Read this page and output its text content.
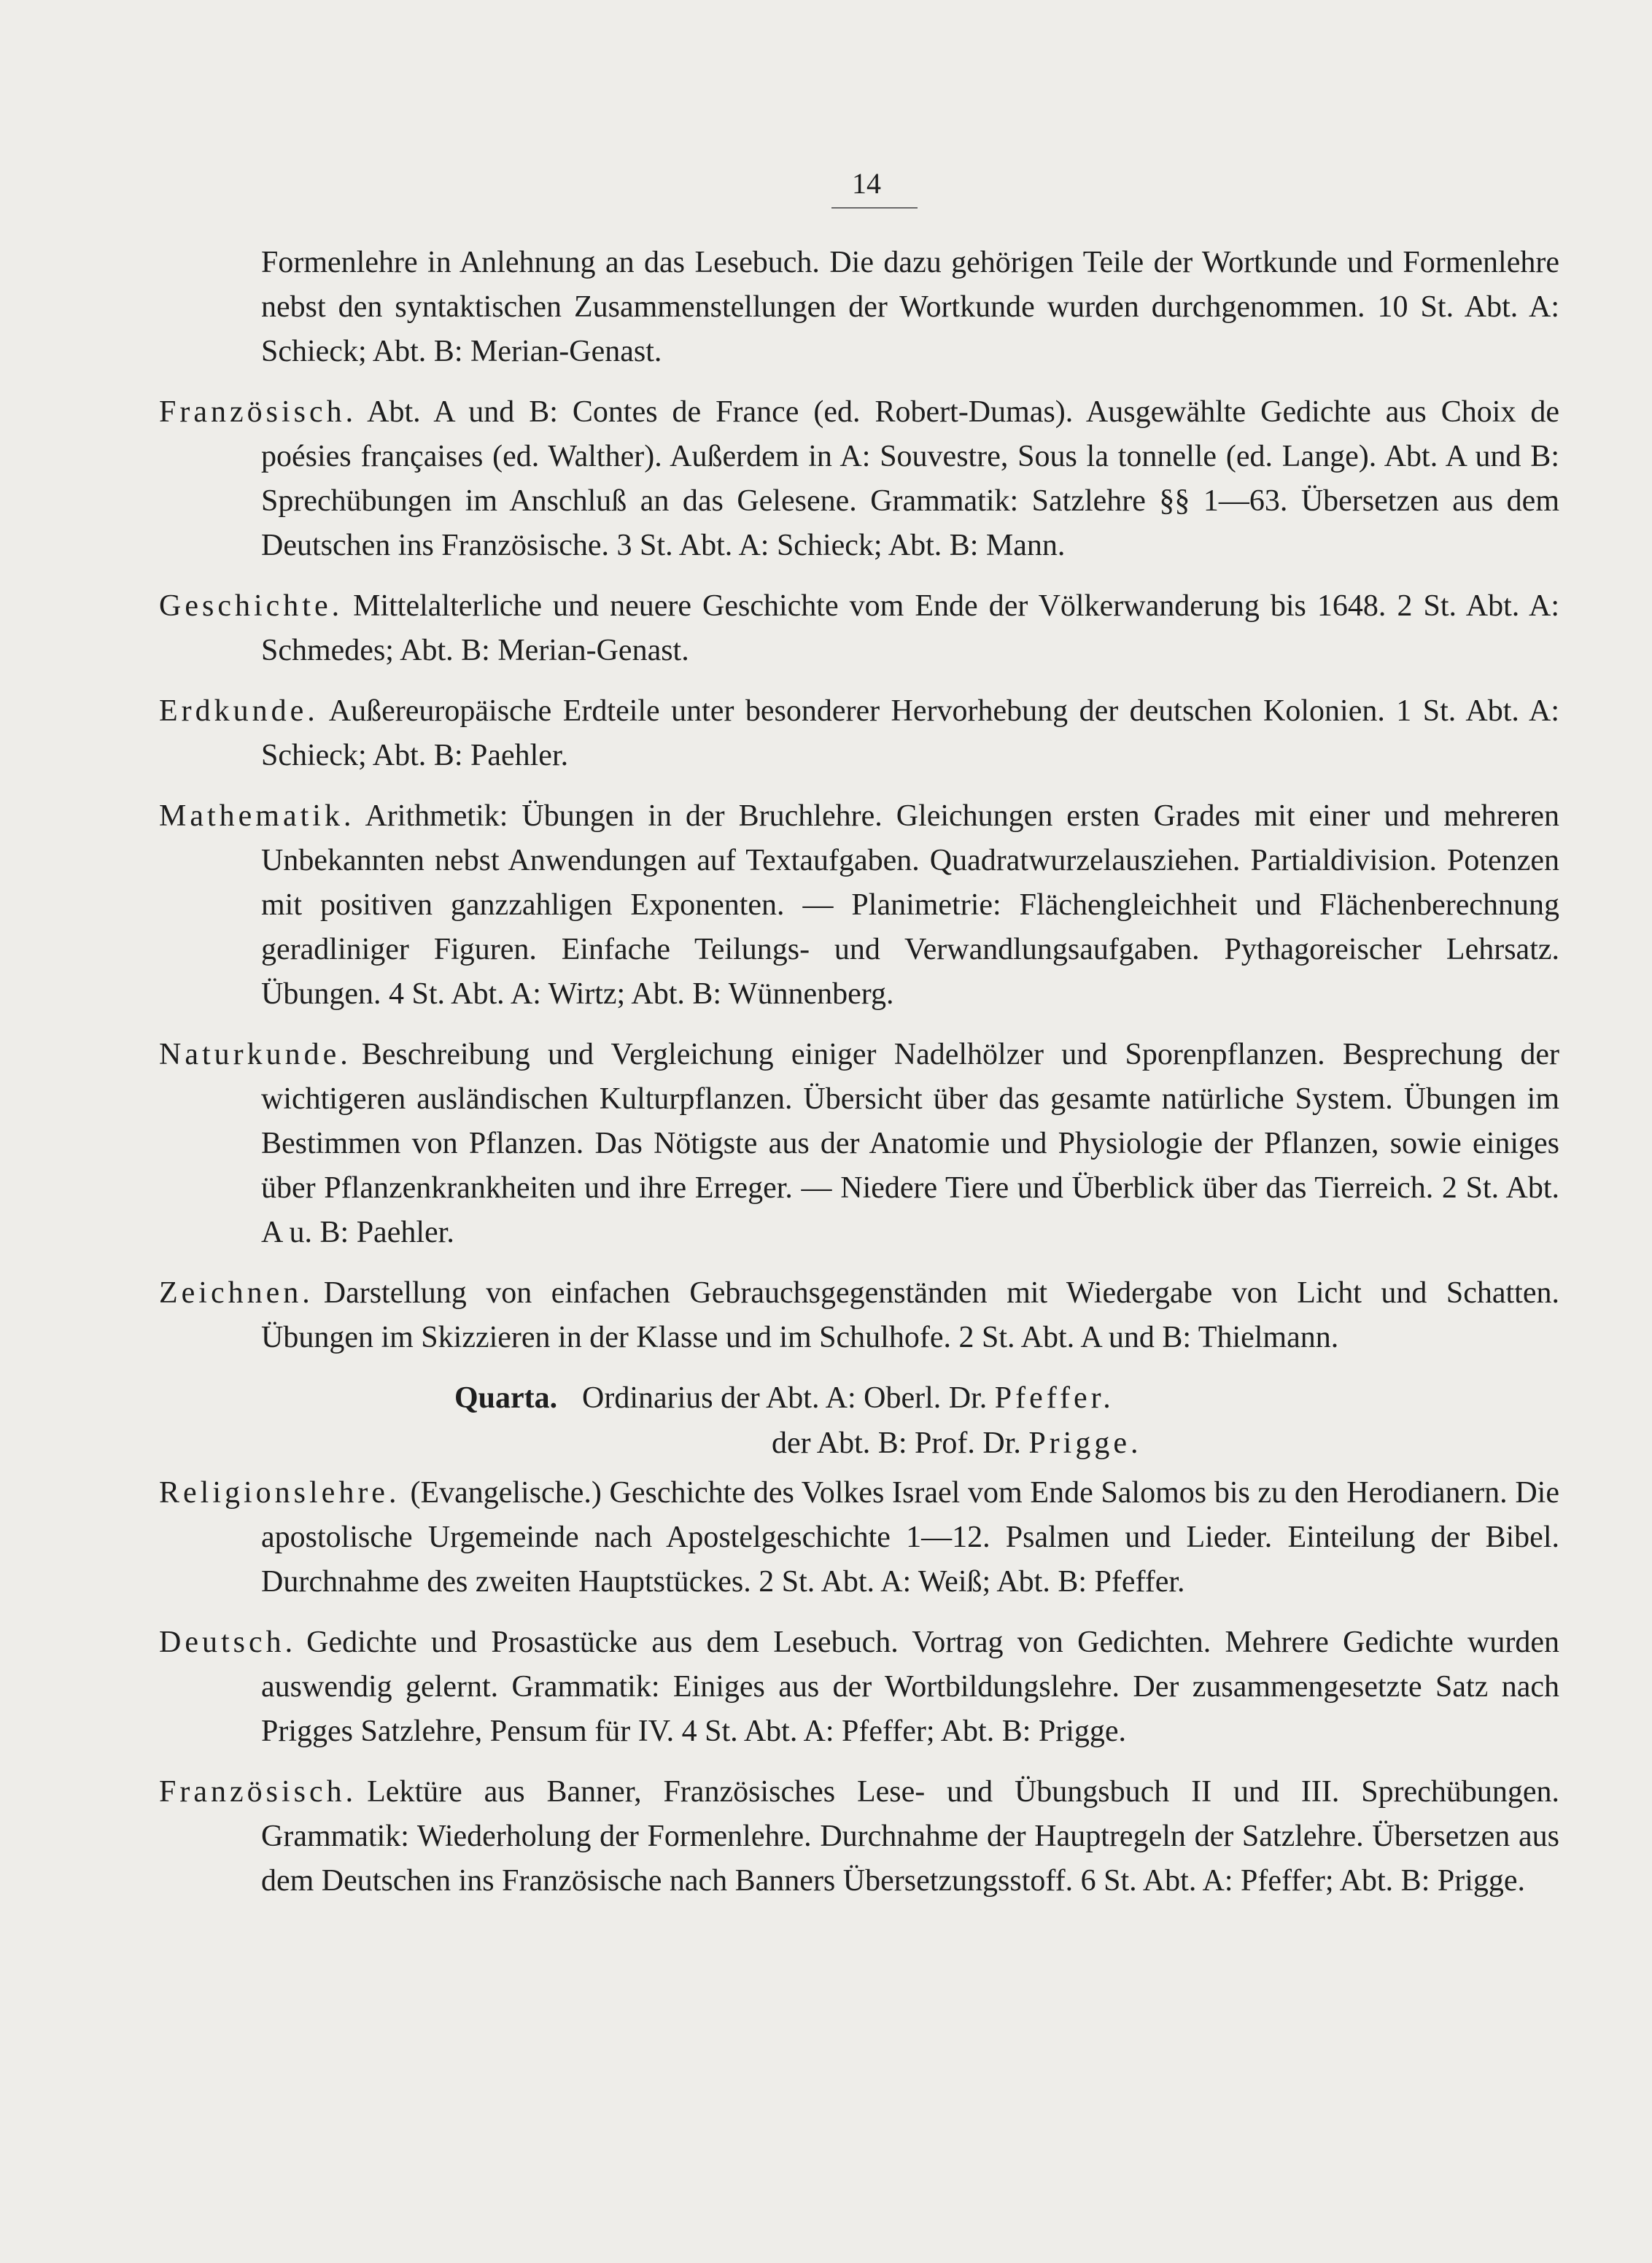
14

Formenlehre in Anlehnung an das Lesebuch. Die dazu gehörigen Teile der Wortkunde und Formenlehre nebst den syntaktischen Zusammenstellungen der Wortkunde wurden durchgenommen. 10 St. Abt. A: Schieck; Abt. B: Merian-Genast.

Französisch. Abt. A und B: Contes de France (ed. Robert-Dumas). Ausgewählte Gedichte aus Choix de poésies françaises (ed. Walther). Außerdem in A: Souvestre, Sous la tonnelle (ed. Lange). Abt. A und B: Sprechübungen im Anschluß an das Gelesene. Grammatik: Satzlehre §§ 1—63. Übersetzen aus dem Deutschen ins Französische. 3 St. Abt. A: Schieck; Abt. B: Mann.

Geschichte. Mittelalterliche und neuere Geschichte vom Ende der Völkerwanderung bis 1648. 2 St. Abt. A: Schmedes; Abt. B: Merian-Genast.

Erdkunde. Außereuropäische Erdteile unter besonderer Hervorhebung der deutschen Kolonien. 1 St. Abt. A: Schieck; Abt. B: Paehler.

Mathematik. Arithmetik: Übungen in der Bruchlehre. Gleichungen ersten Grades mit einer und mehreren Unbekannten nebst Anwendungen auf Textaufgaben. Quadratwurzelausziehen. Partialdivision. Potenzen mit positiven ganzzahligen Exponenten. — Planimetrie: Flächengleichheit und Flächenberechnung geradliniger Figuren. Einfache Teilungs- und Verwandlungsaufgaben. Pythagoreischer Lehrsatz. Übungen. 4 St. Abt. A: Wirtz; Abt. B: Wünnenberg.

Naturkunde. Beschreibung und Vergleichung einiger Nadelhölzer und Sporenpflanzen. Besprechung der wichtigeren ausländischen Kulturpflanzen. Übersicht über das gesamte natürliche System. Übungen im Bestimmen von Pflanzen. Das Nötigste aus der Anatomie und Physiologie der Pflanzen, sowie einiges über Pflanzenkrankheiten und ihre Erreger. — Niedere Tiere und Überblick über das Tierreich. 2 St. Abt. A u. B: Paehler.

Zeichnen. Darstellung von einfachen Gebrauchsgegenständen mit Wiedergabe von Licht und Schatten. Übungen im Skizzieren in der Klasse und im Schulhofe. 2 St. Abt. A und B: Thielmann.

Quarta. Ordinarius der Abt. A: Oberl. Dr. Pfeffer.
der Abt. B: Prof. Dr. Prigge.

Religionslehre. (Evangelische.) Geschichte des Volkes Israel vom Ende Salomos bis zu den Herodianern. Die apostolische Urgemeinde nach Apostelgeschichte 1—12. Psalmen und Lieder. Einteilung der Bibel. Durchnahme des zweiten Hauptstückes. 2 St. Abt. A: Weiß; Abt. B: Pfeffer.

Deutsch. Gedichte und Prosastücke aus dem Lesebuch. Vortrag von Gedichten. Mehrere Gedichte wurden auswendig gelernt. Grammatik: Einiges aus der Wortbildungslehre. Der zusammengesetzte Satz nach Prigges Satzlehre, Pensum für IV. 4 St. Abt. A: Pfeffer; Abt. B: Prigge.

Französisch. Lektüre aus Banner, Französisches Lese- und Übungsbuch II und III. Sprechübungen. Grammatik: Wiederholung der Formenlehre. Durchnahme der Hauptregeln der Satzlehre. Übersetzen aus dem Deutschen ins Französische nach Banners Übersetzungsstoff. 6 St. Abt. A: Pfeffer; Abt. B: Prigge.
